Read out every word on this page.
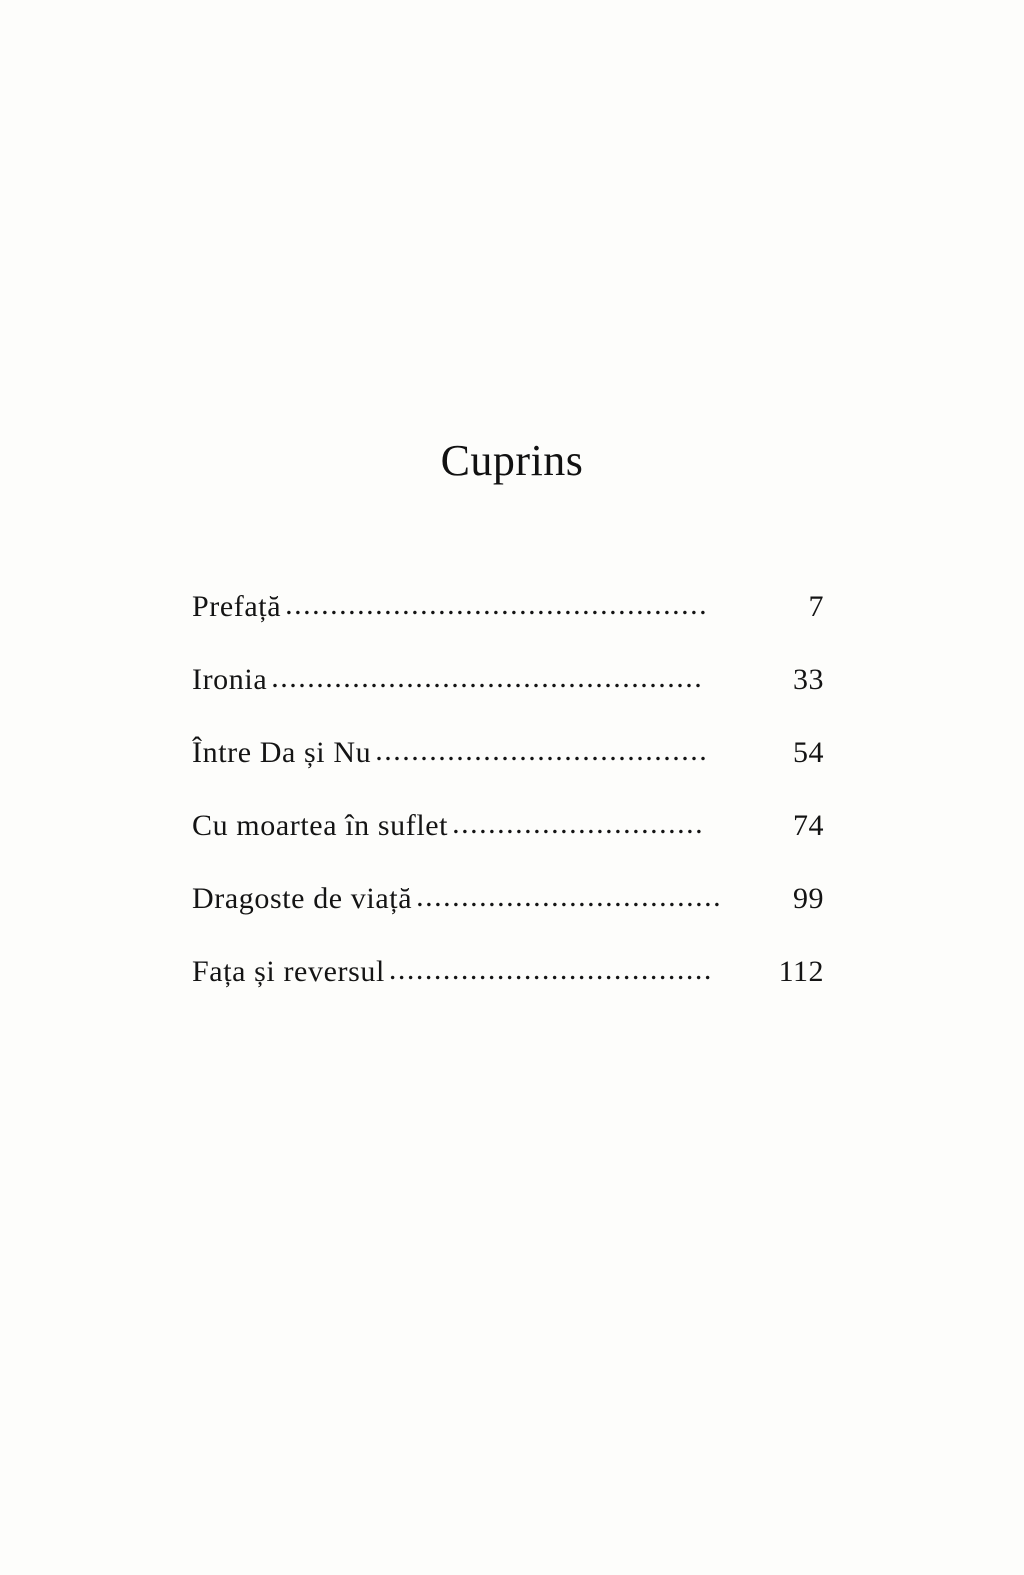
Cuprins
Prefață ...............................................	7
Ironia ................................................	33
Între Da și Nu .....................................	54
Cu moartea în suflet ............................	74
Dragoste de viață ..................................	99
Fața și reversul ....................................	112
